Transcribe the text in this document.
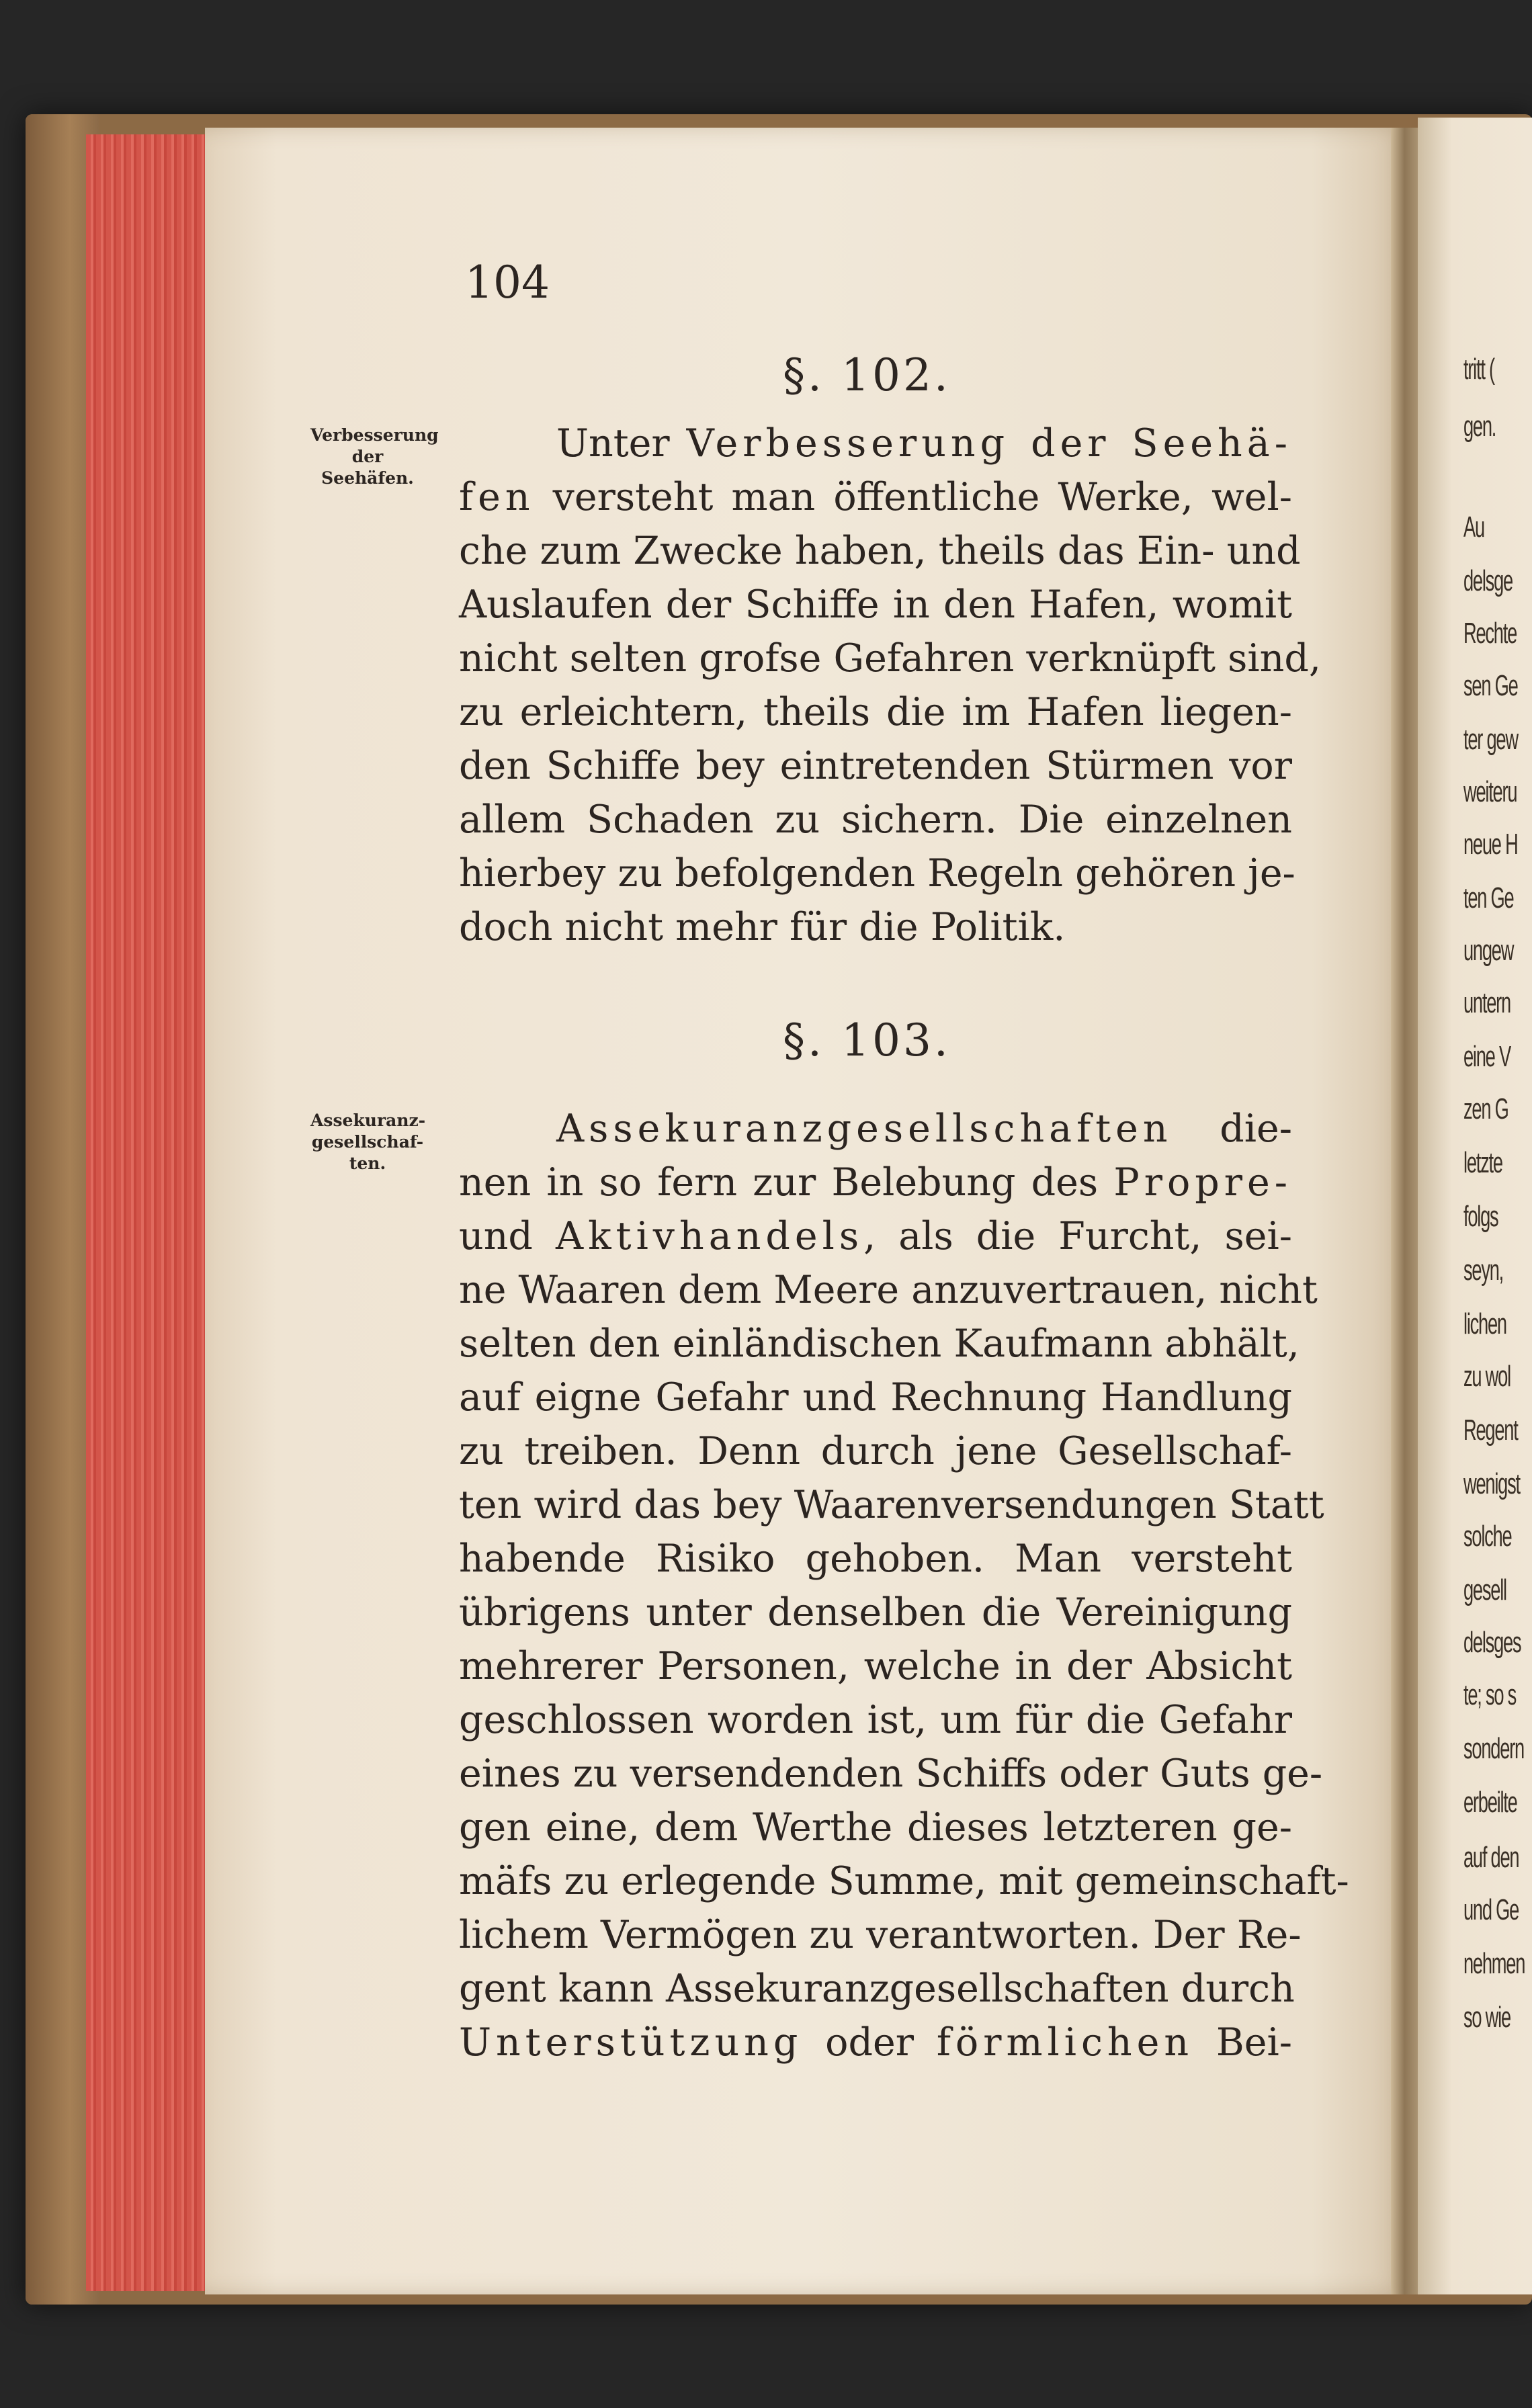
104
§. 102.
§. 103.
Verbesserung
der
Seehäfen.
Assekuranz-
gesellschaf-
ten.
Unter Verbesserung der Seehä-
fen versteht man öffentliche Werke, wel-
che zum Zwecke haben, theils das Ein- und
Auslaufen der Schiffe in den Hafen, womit
nicht selten grofse Gefahren verknüpft sind,
zu erleichtern, theils die im Hafen liegen-
den Schiffe bey eintretenden Stürmen vor
allem Schaden zu sichern. Die einzelnen
hierbey zu befolgenden Regeln gehören je-
doch nicht mehr für die Politik.
Assekuranzgesellschaften die-
nen in so fern zur Belebung des Propre-
und Aktivhandels, als die Furcht, sei-
ne Waaren dem Meere anzuvertrauen, nicht
selten den einländischen Kaufmann abhält,
auf eigne Gefahr und Rechnung Handlung
zu treiben. Denn durch jene Gesellschaf-
ten wird das bey Waarenversendungen Statt
habende Risiko gehoben. Man versteht
übrigens unter denselben die Vereinigung
mehrerer Personen, welche in der Absicht
geschlossen worden ist, um für die Gefahr
eines zu versendenden Schiffs oder Guts ge-
gen eine, dem Werthe dieses letzteren ge-
mäfs zu erlegende Summe, mit gemeinschaft-
lichem Vermögen zu verantworten. Der Re-
gent kann Assekuranzgesellschaften durch
Unterstützung oder förmlichen Bei-
tritt (
gen.
Au
delsge
Rechte
sen Ge
ter gew
weiteru
neue H
ten Ge
ungew
untern
eine V
zen G
letzte
folgs
seyn,
lichen
zu wol
Regent
wenigst
solche
gesell
delsges
te; so s
sondern
erbeilte
auf den
und Ge
nehmen
so wie
